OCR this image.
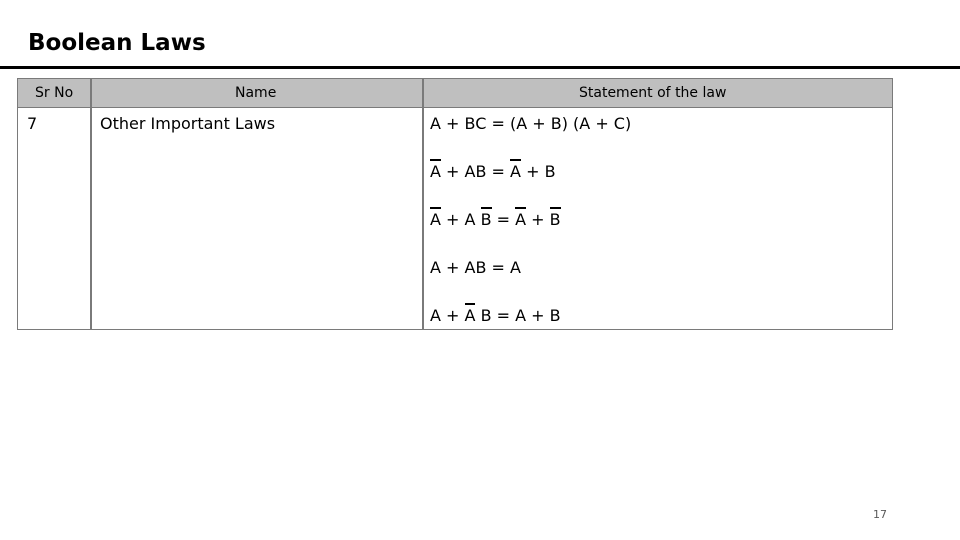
Boolean Laws
Sr No	Name	Statement of the law
7	Other Important Laws	A + BC = (A + B) (A + C)
A + AB = A + B
A + A B = A + B
A + AB = A
A + A B = A + B
17
